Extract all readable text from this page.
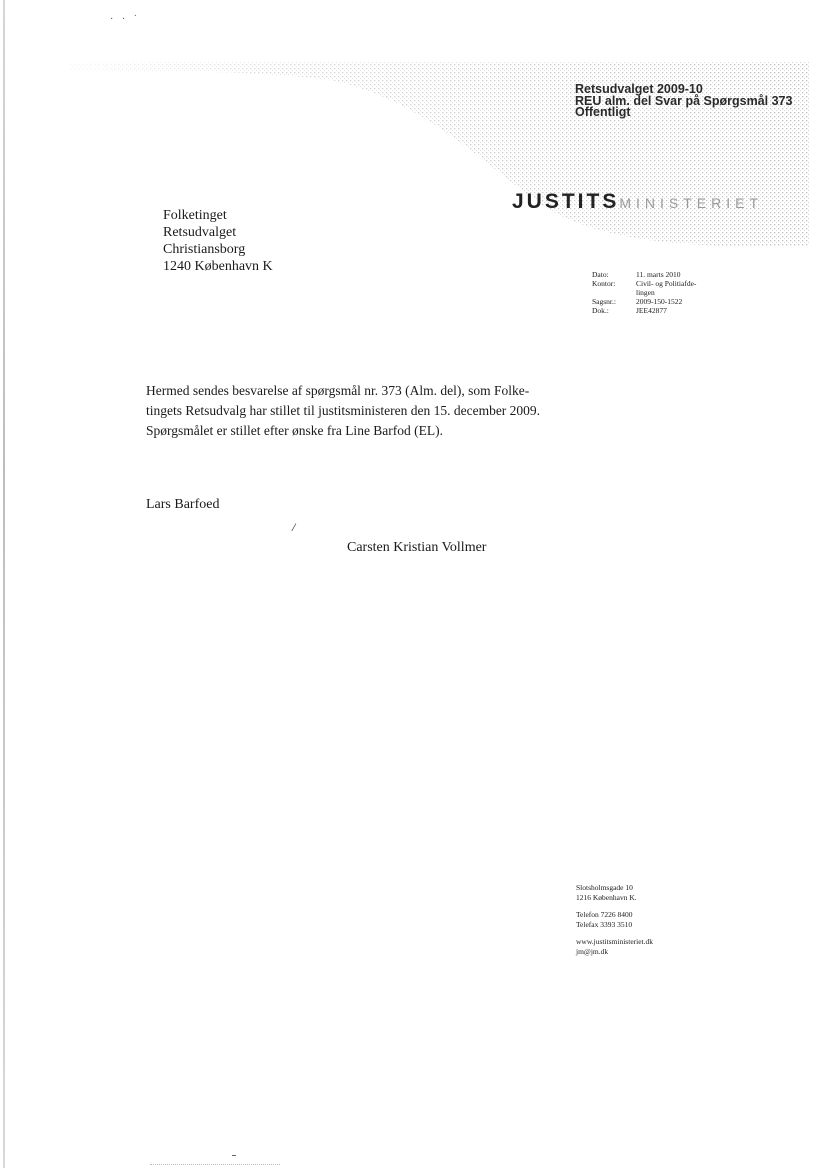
· · ˙
Retsudvalget 2009-10
REU alm. del Svar på Spørgsmål 373
Offentligt
JUSTITSMINISTERIET
Folketinget
Retsudvalget
Christiansborg
1240 København K
Dato:	11. marts 2010
Kontor:	Civil- og Politiafde-
lingen
Sagsnr.:	2009-150-1522
Dok.:	JEE42877
Hermed sendes besvarelse af spørgsmål nr. 373 (Alm. del), som Folke-
tingets Retsudvalg har stillet til justitsministeren den 15. december 2009.
Spørgsmålet er stillet efter ønske fra Line Barfod (EL).
Lars Barfoed
/
Carsten Kristian Vollmer
Slotsholmsgade 10
1216 København K.
Telefon 7226 8400
Telefax 3393 3510
www.justitsministeriet.dk
jm@jm.dk
